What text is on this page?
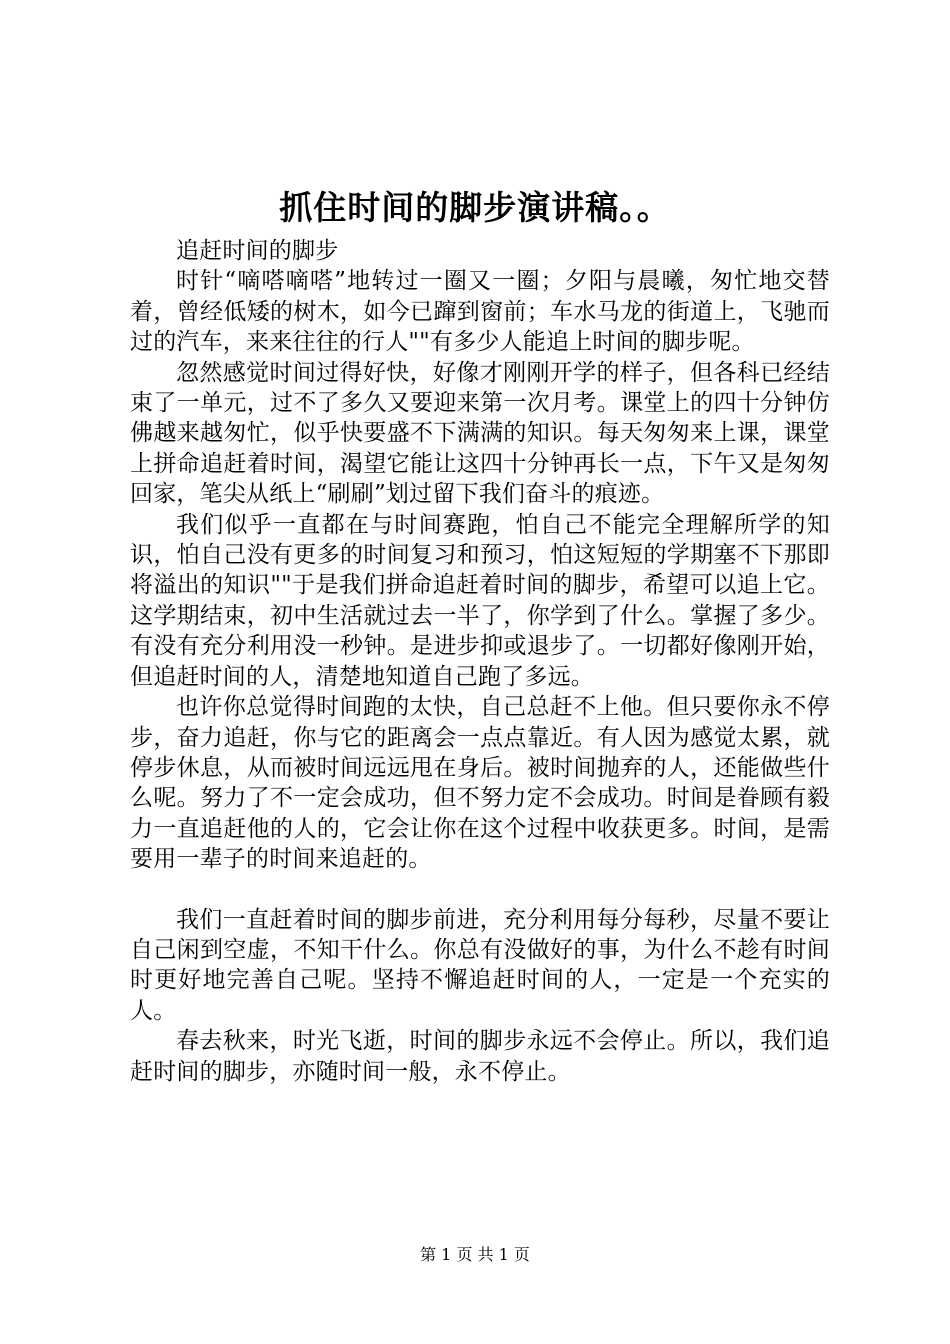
抓住时间的脚步演讲稿。。

追赶时间的脚步

时针“嘀嗒嘀嗒”地转过一圈又一圈；夕阳与晨曦，匆忙地交替着，曾经低矮的树木，如今已蹿到窗前；车水马龙的街道上，飞驰而过的汽车，来来往往的行人""有多少人能追上时间的脚步呢。

忽然感觉时间过得好快，好像才刚刚开学的样子，但各科已经结束了一单元，过不了多久又要迎来第一次月考。课堂上的四十分钟仿佛越来越匆忙，似乎快要盛不下满满的知识。每天匆匆来上课，课堂上拼命追赶着时间，渴望它能让这四十分钟再长一点，下午又是匆匆回家，笔尖从纸上“刷刷”划过留下我们奋斗的痕迹。

我们似乎一直都在与时间赛跑，怕自己不能完全理解所学的知识，怕自己没有更多的时间复习和预习，怕这短短的学期塞不下那即将溢出的知识""于是我们拼命追赶着时间的脚步，希望可以追上它。这学期结束，初中生活就过去一半了，你学到了什么。掌握了多少。有没有充分利用没一秒钟。是进步抑或退步了。一切都好像刚开始，但追赶时间的人，清楚地知道自己跑了多远。

也许你总觉得时间跑的太快，自己总赶不上他。但只要你永不停步，奋力追赶，你与它的距离会一点点靠近。有人因为感觉太累，就停步休息，从而被时间远远甩在身后。被时间抛弃的人，还能做些什么呢。努力了不一定会成功，但不努力定不会成功。时间是眷顾有毅力一直追赶他的人的，它会让你在这个过程中收获更多。时间，是需要用一辈子的时间来追赶的。

我们一直赶着时间的脚步前进，充分利用每分每秒，尽量不要让自己闲到空虚，不知干什么。你总有没做好的事，为什么不趁有时间时更好地完善自己呢。坚持不懈追赶时间的人，一定是一个充实的人。

春去秋来，时光飞逝，时间的脚步永远不会停止。所以，我们追赶时间的脚步，亦随时间一般，永不停止。

第 1 页 共 1 页
